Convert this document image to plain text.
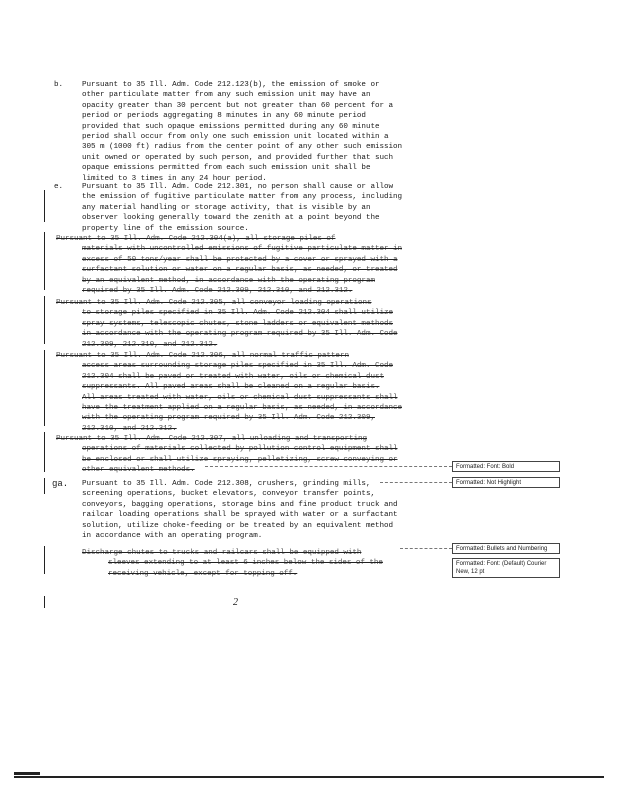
b. Pursuant to 35 Ill. Adm. Code 212.123(b), the emission of smoke or
other particulate matter from any such emission unit may have an
opacity greater than 30 percent but not greater than 60 percent for a
period or periods aggregating 8 minutes in any 60 minute period
provided that such opaque emissions permitted during any 60 minute
period shall occur from only one such emission unit located within a
305 m (1000 ft) radius from the center point of any other such emission
unit owned or operated by such person, and provided further that such
opaque emissions permitted from each such emission unit shall be
limited to 3 times in any 24 hour period.
e. Pursuant to 35 Ill. Adm. Code 212.301, no person shall cause or allow
the emission of fugitive particulate matter from any process, including
any material handling or storage activity, that is visible by an
observer looking generally toward the zenith at a point beyond the
property line of the emission source.
Pursuant to 35 Ill. Adm. Code 212.304(a), all storage piles of
materials with uncontrolled emissions of fugitive particulate matter in
excess of 50 tons/year shall be protected by a cover or sprayed with a
surfactant solution or water on a regular basis, as needed, or treated
by an equivalent method, in accordance with the operating program
required by 35 Ill. Adm. Code 212.309, 212.310, and 212.312.
Pursuant to 35 Ill. Adm. Code 212.305, all conveyor loading operations
to storage piles specified in 35 Ill. Adm. Code 212.304 shall utilize
spray systems, telescopic chutes, stone ladders or equivalent methods
in accordance with the operating program required by 35 Ill. Adm. Code
212.309, 212.310, and 212.312.
Pursuant to 35 Ill. Adm. Code 212.306, all normal traffic pattern
access areas surrounding storage piles specified in 35 Ill. Adm. Code
212.304 shall be paved or treated with water, oils or chemical dust
suppressants. All paved areas shall be cleaned on a regular basis.
All areas treated with water, oils or chemical dust suppressants shall
have the treatment applied on a regular basis, as needed, in accordance
with the operating program required by 35 Ill. Adm. Code 212.309,
212.310, and 212.312.
Pursuant to 35 Ill. Adm. Code 212.307, all unloading and transporting
operations of materials collected by pollution control equipment shall
be enclosed or shall utilize spraying, pelletizing, screw conveying or
other equivalent methods.
ga. Pursuant to 35 Ill. Adm. Code 212.308, crushers, grinding mills,
screening operations, bucket elevators, conveyor transfer points,
conveyors, bagging operations, storage bins and fine product truck and
railcar loading operations shall be sprayed with water or a surfactant
solution, utilize choke-feeding or be treated by an equivalent method
in accordance with an operating program.
Discharge chutes to trucks and railcars shall be equipped with
sleeves extending to at least 6 inches below the sides of the
receiving vehicle, except for topping off.
Formatted: Font: Bold
Formatted: Not Highlight
Formatted: Bullets and Numbering
Formatted: Font: (Default) Courier
New, 12 pt
2
